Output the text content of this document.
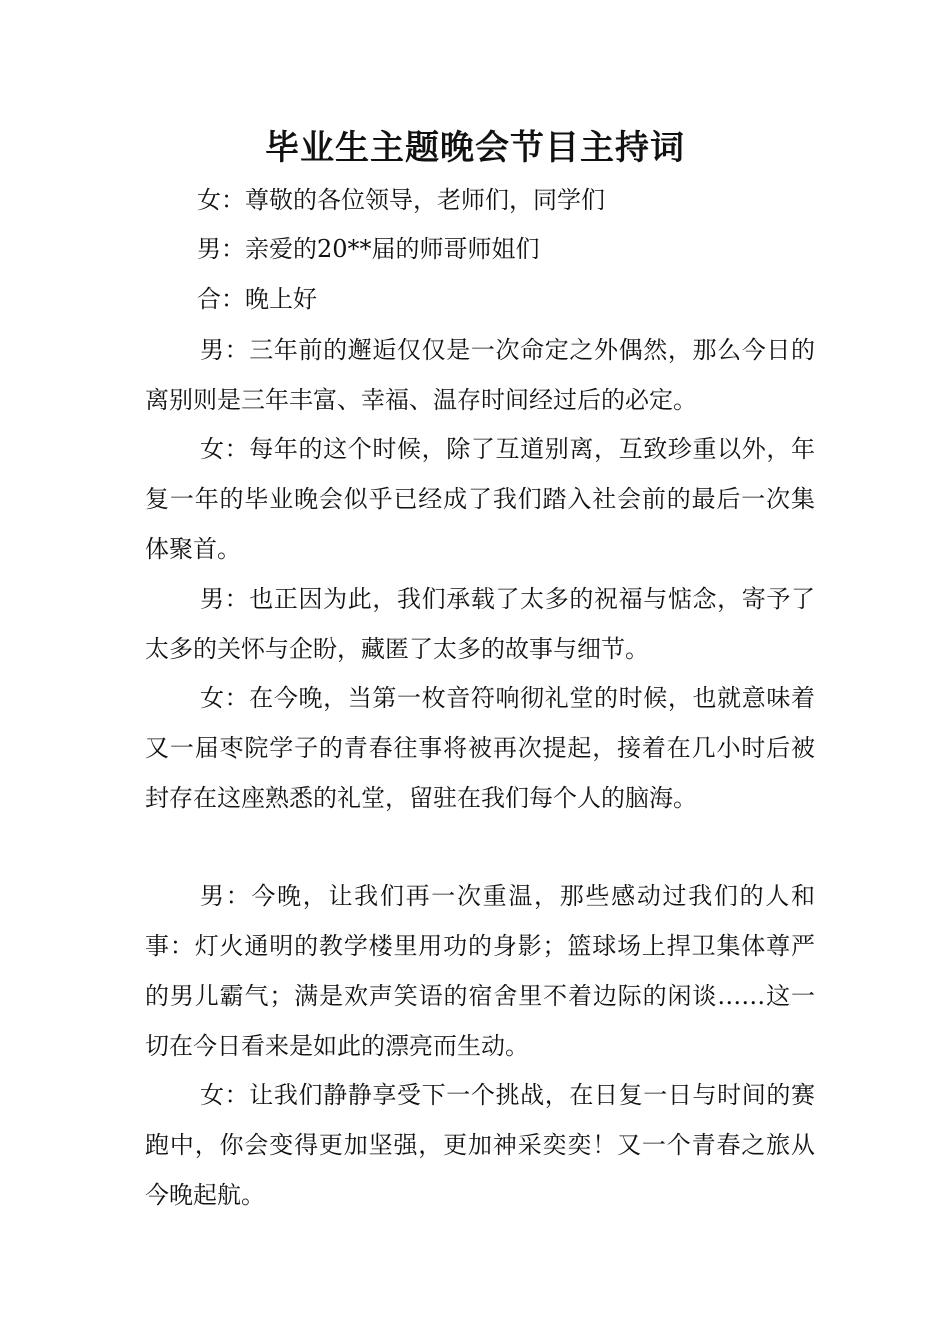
毕业生主题晚会节目主持词

女：尊敬的各位领导，老师们，同学们

男：亲爱的20**届的师哥师姐们

合：晚上好

男：三年前的邂逅仅仅是一次命定之外偶然，那么今日的离别则是三年丰富、幸福、温存时间经过后的必定。

女：每年的这个时候，除了互道别离，互致珍重以外，年复一年的毕业晚会似乎已经成了我们踏入社会前的最后一次集体聚首。

男：也正因为此，我们承载了太多的祝福与惦念，寄予了太多的关怀与企盼，藏匿了太多的故事与细节。

女：在今晚，当第一枚音符响彻礼堂的时候，也就意味着又一届枣院学子的青春往事将被再次提起，接着在几小时后被封存在这座熟悉的礼堂，留驻在我们每个人的脑海。

男：今晚，让我们再一次重温，那些感动过我们的人和事：灯火通明的教学楼里用功的身影；篮球场上捍卫集体尊严的男儿霸气；满是欢声笑语的宿舍里不着边际的闲谈……这一切在今日看来是如此的漂亮而生动。

女：让我们静静享受下一个挑战，在日复一日与时间的赛跑中，你会变得更加坚强，更加神采奕奕！又一个青春之旅从今晚起航。
